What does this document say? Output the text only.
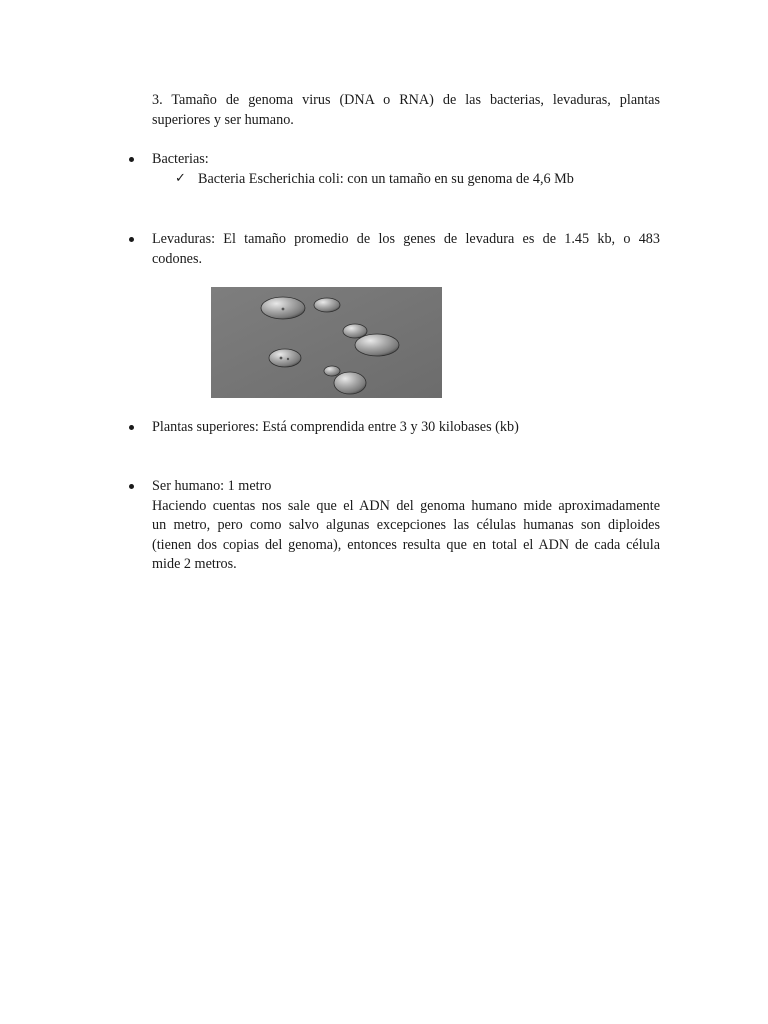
3. Tamaño de genoma virus (DNA o RNA) de las bacterias, levaduras, plantas
superiores y ser humano.
Bacterias:
✓ Bacteria Escherichia coli: con un tamaño en su genoma de 4,6 Mb
Levaduras: El tamaño promedio de los genes de levadura es de 1.45 kb, o 483
codones.
Plantas superiores: Está comprendida entre 3 y 30 kilobases (kb)
Ser humano: 1 metro
Haciendo cuentas nos sale que el ADN del genoma humano mide aproximadamente
un metro, pero como salvo algunas excepciones las células humanas son diploides
(tienen dos copias del genoma), entonces resulta que en total el ADN de cada célula
mide 2 metros.
